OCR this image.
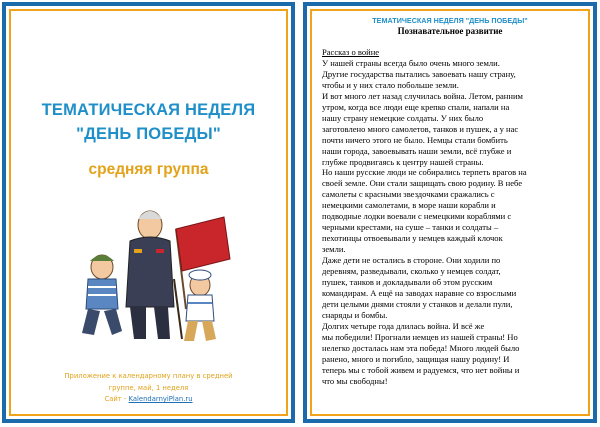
ТЕМАТИЧЕСКАЯ НЕДЕЛЯ
"ДЕНЬ ПОБЕДЫ"
средняя группа
Приложение к календарному плану в средней
группе, май, 1 неделя
Сайт - KalendarnyiPlan.ru
ТЕМАТИЧЕСКАЯ НЕДЕЛЯ "ДЕНЬ ПОБЕДЫ"
Познавательное развитие
Рассказ о войне
У нашей страны всегда было очень много земли.
Другие государства пытались завоевать нашу страну,
чтобы и у них стало побольше земли.
И вот много лет назад случилась война. Летом, ранним
утром, когда все люди еще крепко спали, напали на
нашу страну немецкие солдаты. У них было
заготовлено много самолетов, танков и пушек, а у нас
почти ничего этого не было. Немцы стали бомбить
наши города, завоевывать наши земли, всё глубже и
глубже продвигаясь к центру нашей страны.
Но наши русские люди не собирались терпеть врагов на
своей земле. Они стали защищать свою родину. В небе
самолеты с красными звездочками сражались с
немецкими самолетами, в море наши корабли и
подводные лодки воевали с немецкими кораблями с
черными крестами, на суше – танки и солдаты –
пехотинцы отвоевывали у немцев каждый клочок
земли.
Даже дети не остались в стороне. Они ходили по
деревням, разведывали, сколько у немцев солдат,
пушек, танков и докладывали об этом русским
командирам. А ещё на заводах наравне со взрослыми
дети целыми днями стояли у станков и делали пули,
снаряды и бомбы.
Долгих четыре года длилась война. И всё же
мы победили! Прогнали немцев из нашей страны! Но
нелегко досталась нам эта победа! Много людей было
ранено, много и погибло, защищая нашу родину! И
теперь мы с тобой живем и радуемся, что нет войны и
что мы свободны!
